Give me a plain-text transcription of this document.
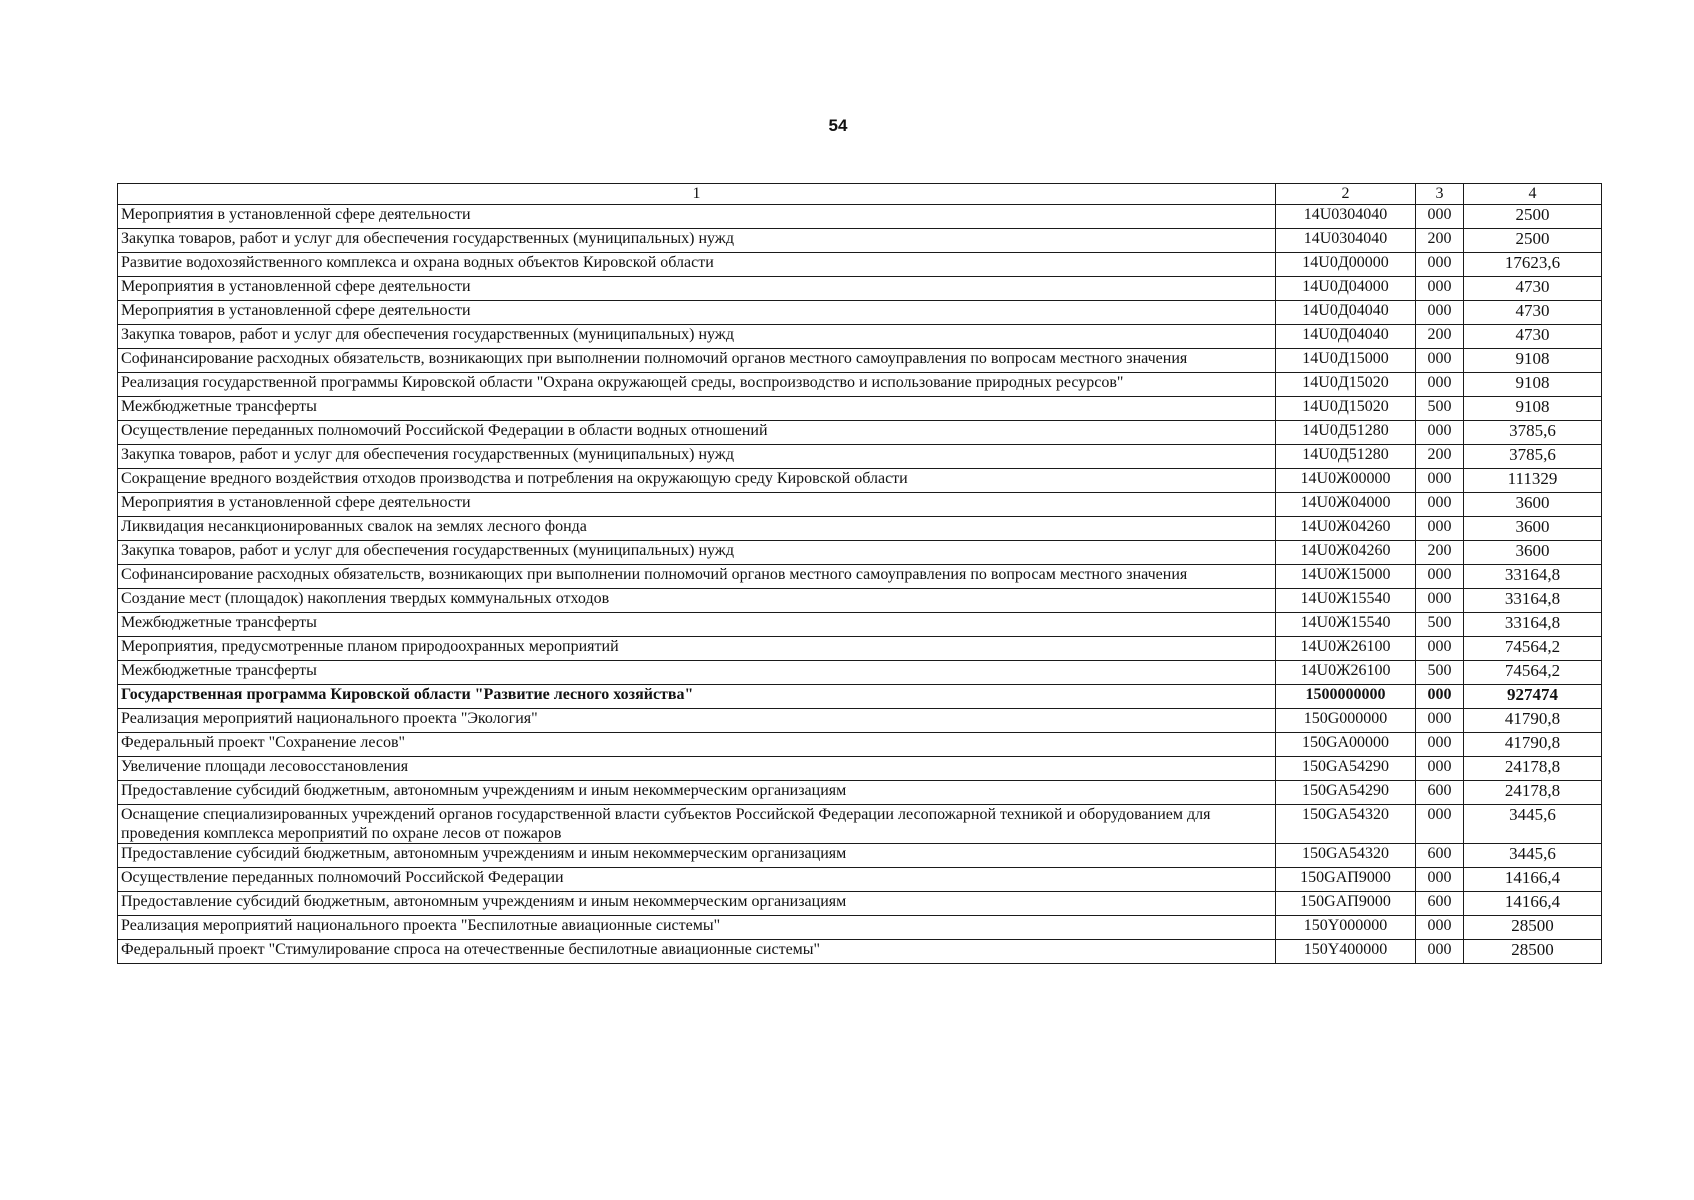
54
1	2	3	4
Мероприятия в установленной сфере деятельности	14U0304040	000	2500
Закупка товаров, работ и услуг для обеспечения государственных (муниципальных) нужд	14U0304040	200	2500
Развитие водохозяйственного комплекса и охрана водных объектов Кировской области	14U0Д00000	000	17623,6
Мероприятия в установленной сфере деятельности	14U0Д04000	000	4730
Мероприятия в установленной сфере деятельности	14U0Д04040	000	4730
Закупка товаров, работ и услуг для обеспечения государственных (муниципальных) нужд	14U0Д04040	200	4730
Софинансирование расходных обязательств, возникающих при выполнении полномочий органов местного самоуправления по вопросам местного значения	14U0Д15000	000	9108
Реализация государственной программы Кировской области "Охрана окружающей среды, воспроизводство и использование природных ресурсов"	14U0Д15020	000	9108
Межбюджетные трансферты	14U0Д15020	500	9108
Осуществление переданных полномочий Российской Федерации в области водных отношений	14U0Д51280	000	3785,6
Закупка товаров, работ и услуг для обеспечения государственных (муниципальных) нужд	14U0Д51280	200	3785,6
Сокращение вредного воздействия отходов производства и потребления на окружающую среду Кировской области	14U0Ж00000	000	111329
Мероприятия в установленной сфере деятельности	14U0Ж04000	000	3600
Ликвидация несанкционированных свалок на землях лесного фонда	14U0Ж04260	000	3600
Закупка товаров, работ и услуг для обеспечения государственных (муниципальных) нужд	14U0Ж04260	200	3600
Софинансирование расходных обязательств, возникающих при выполнении полномочий органов местного самоуправления по вопросам местного значения	14U0Ж15000	000	33164,8
Создание мест (площадок) накопления твердых коммунальных отходов	14U0Ж15540	000	33164,8
Межбюджетные трансферты	14U0Ж15540	500	33164,8
Мероприятия, предусмотренные планом природоохранных мероприятий	14U0Ж26100	000	74564,2
Межбюджетные трансферты	14U0Ж26100	500	74564,2
Государственная программа Кировской области "Развитие лесного хозяйства"	1500000000	000	927474
Реализация мероприятий национального проекта "Экология"	150G000000	000	41790,8
Федеральный проект "Сохранение лесов"	150GA00000	000	41790,8
Увеличение площади лесовосстановления	150GA54290	000	24178,8
Предоставление субсидий бюджетным, автономным учреждениям и иным некоммерческим организациям	150GA54290	600	24178,8
Оснащение специализированных учреждений органов государственной власти субъектов Российской Федерации лесопожарной техникой и оборудованием для проведения комплекса мероприятий по охране лесов от пожаров	150GA54320	000	3445,6
Предоставление субсидий бюджетным, автономным учреждениям и иным некоммерческим организациям	150GA54320	600	3445,6
Осуществление переданных полномочий Российской Федерации	150GAП9000	000	14166,4
Предоставление субсидий бюджетным, автономным учреждениям и иным некоммерческим организациям	150GAП9000	600	14166,4
Реализация мероприятий национального проекта "Беспилотные авиационные системы"	150Y000000	000	28500
Федеральный проект "Стимулирование спроса на отечественные беспилотные авиационные системы"	150Y400000	000	28500
